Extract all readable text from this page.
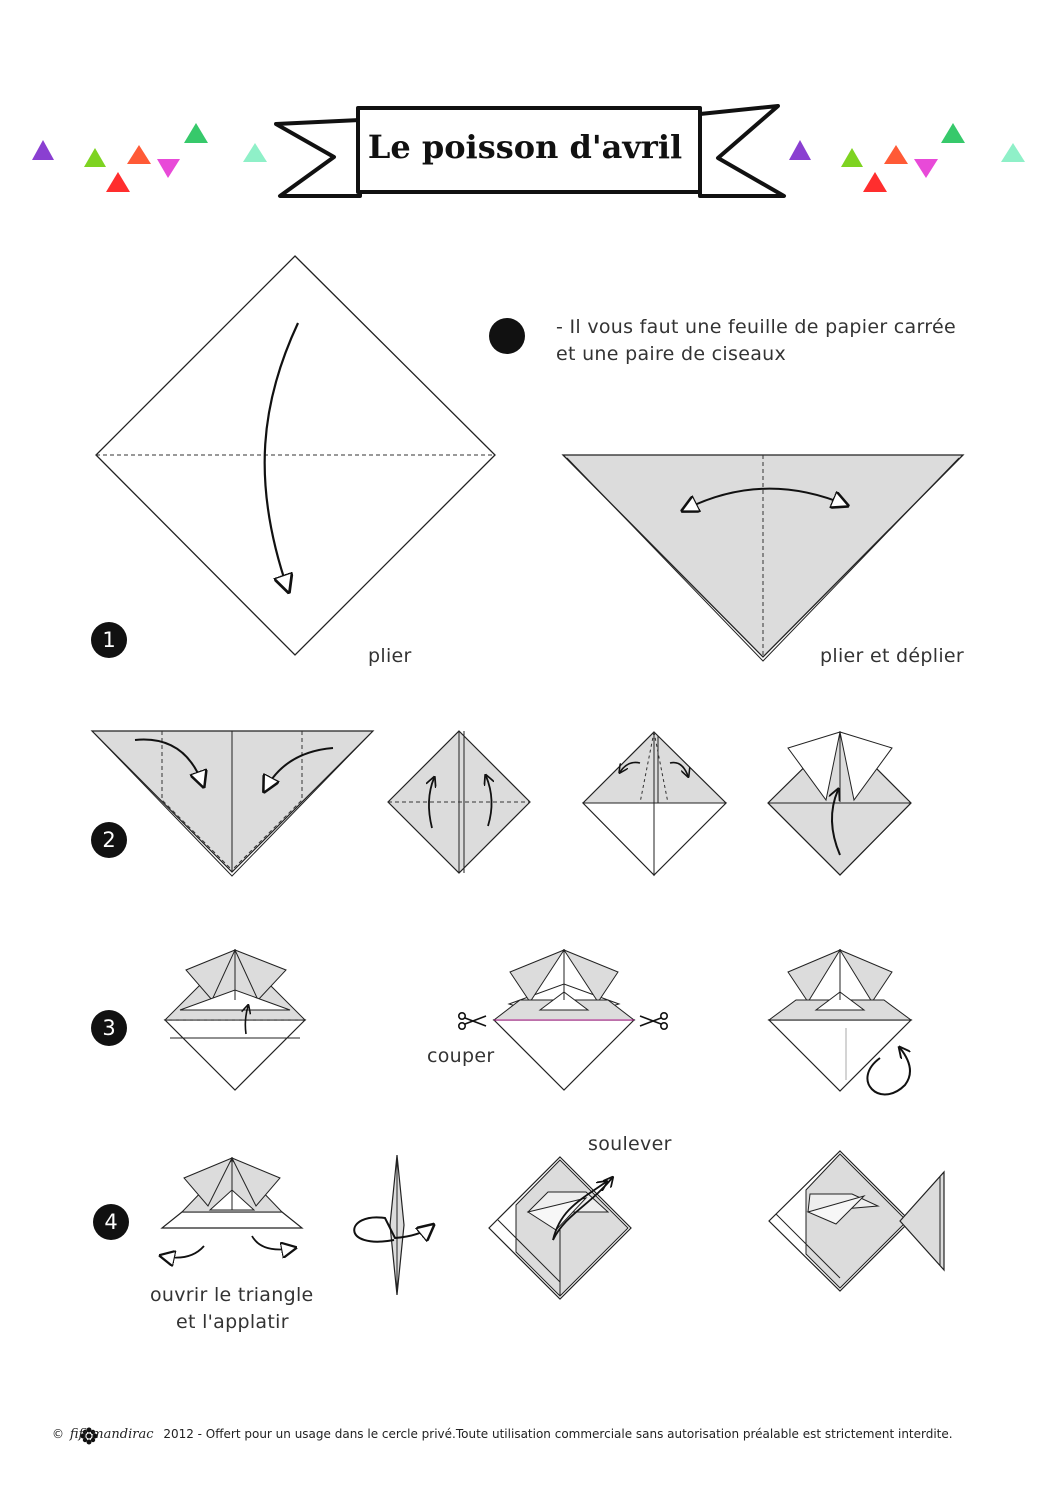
Le poisson d'avril
- Il vous faut une feuille de papier carrée
et une paire de ciseaux
1
2
3
4
plier	plier et déplier
couper
soulever
ouvrir le triangle
et l'applatir
© fifi mandirac 2012 - Offert pour un usage dans le cercle privé.Toute utilisation commerciale sans autorisation préalable est strictement interdite.
